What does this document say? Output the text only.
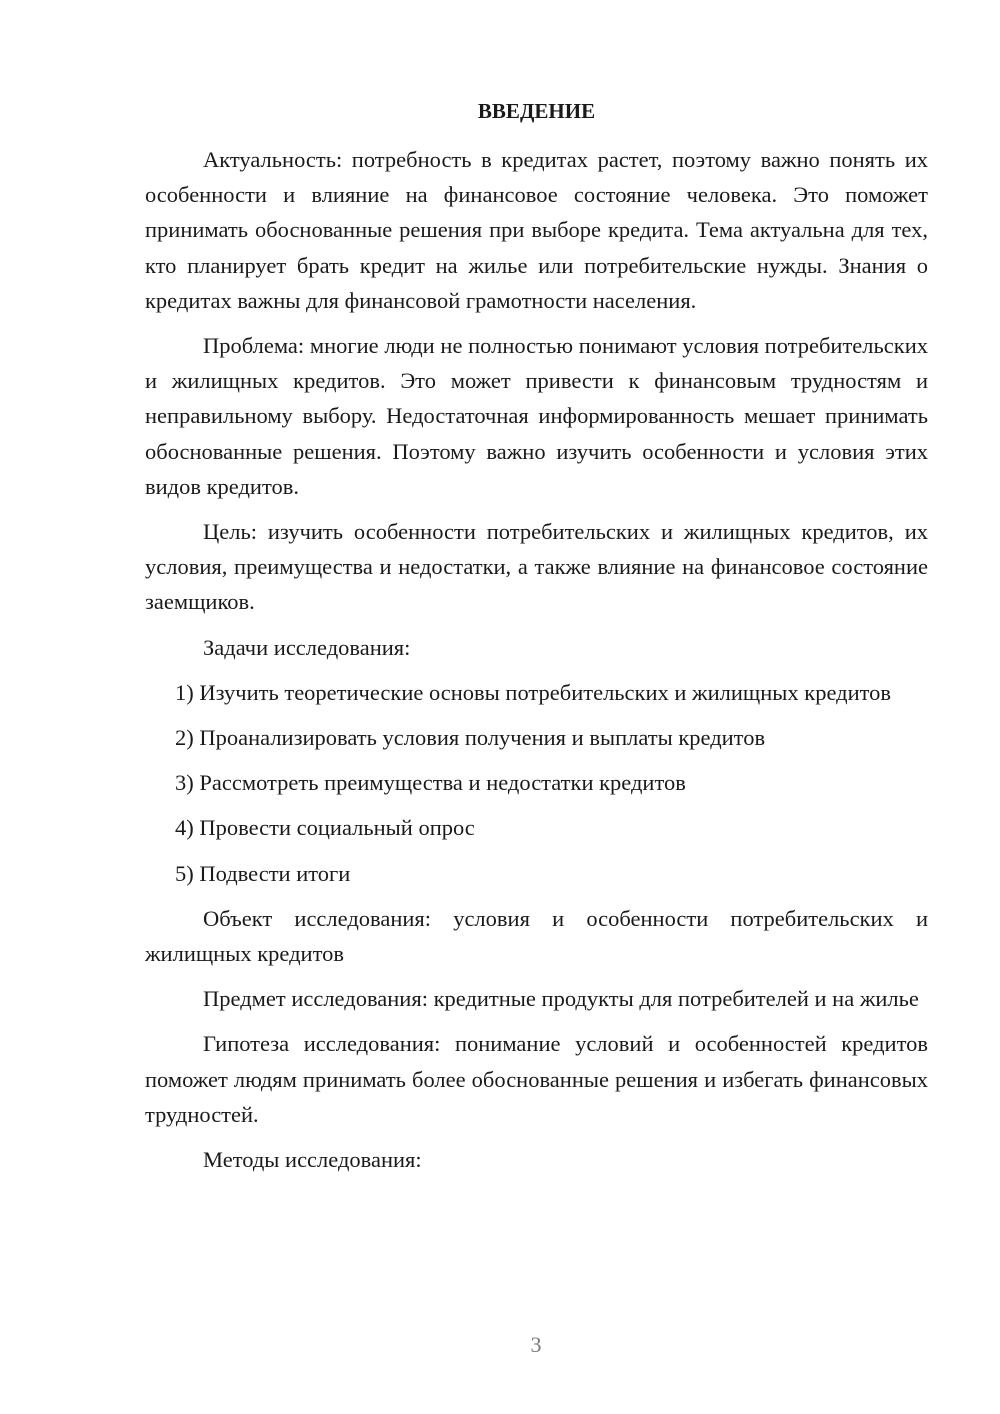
ВВЕДЕНИЕ

Актуальность: потребность в кредитах растет, поэтому важно понять их особенности и влияние на финансовое состояние человека. Это поможет принимать обоснованные решения при выборе кредита. Тема актуальна для тех, кто планирует брать кредит на жилье или потребительские нужды. Знания о кредитах важны для финансовой грамотности населения.

Проблема: многие люди не полностью понимают условия потребительских и жилищных кредитов. Это может привести к финансовым трудностям и неправильному выбору. Недостаточная информированность мешает принимать обоснованные решения. Поэтому важно изучить особенности и условия этих видов кредитов.

Цель: изучить особенности потребительских и жилищных кредитов, их условия, преимущества и недостатки, а также влияние на финансовое состояние заемщиков.

Задачи исследования:

1) Изучить теоретические основы потребительских и жилищных кредитов
2) Проанализировать условия получения и выплаты кредитов
3) Рассмотреть преимущества и недостатки кредитов
4) Провести социальный опрос
5) Подвести итоги

Объект исследования: условия и особенности потребительских и жилищных кредитов

Предмет исследования: кредитные продукты для потребителей и на жилье

Гипотеза исследования: понимание условий и особенностей кредитов поможет людям принимать более обоснованные решения и избегать финансовых трудностей.

Методы исследования:

3
